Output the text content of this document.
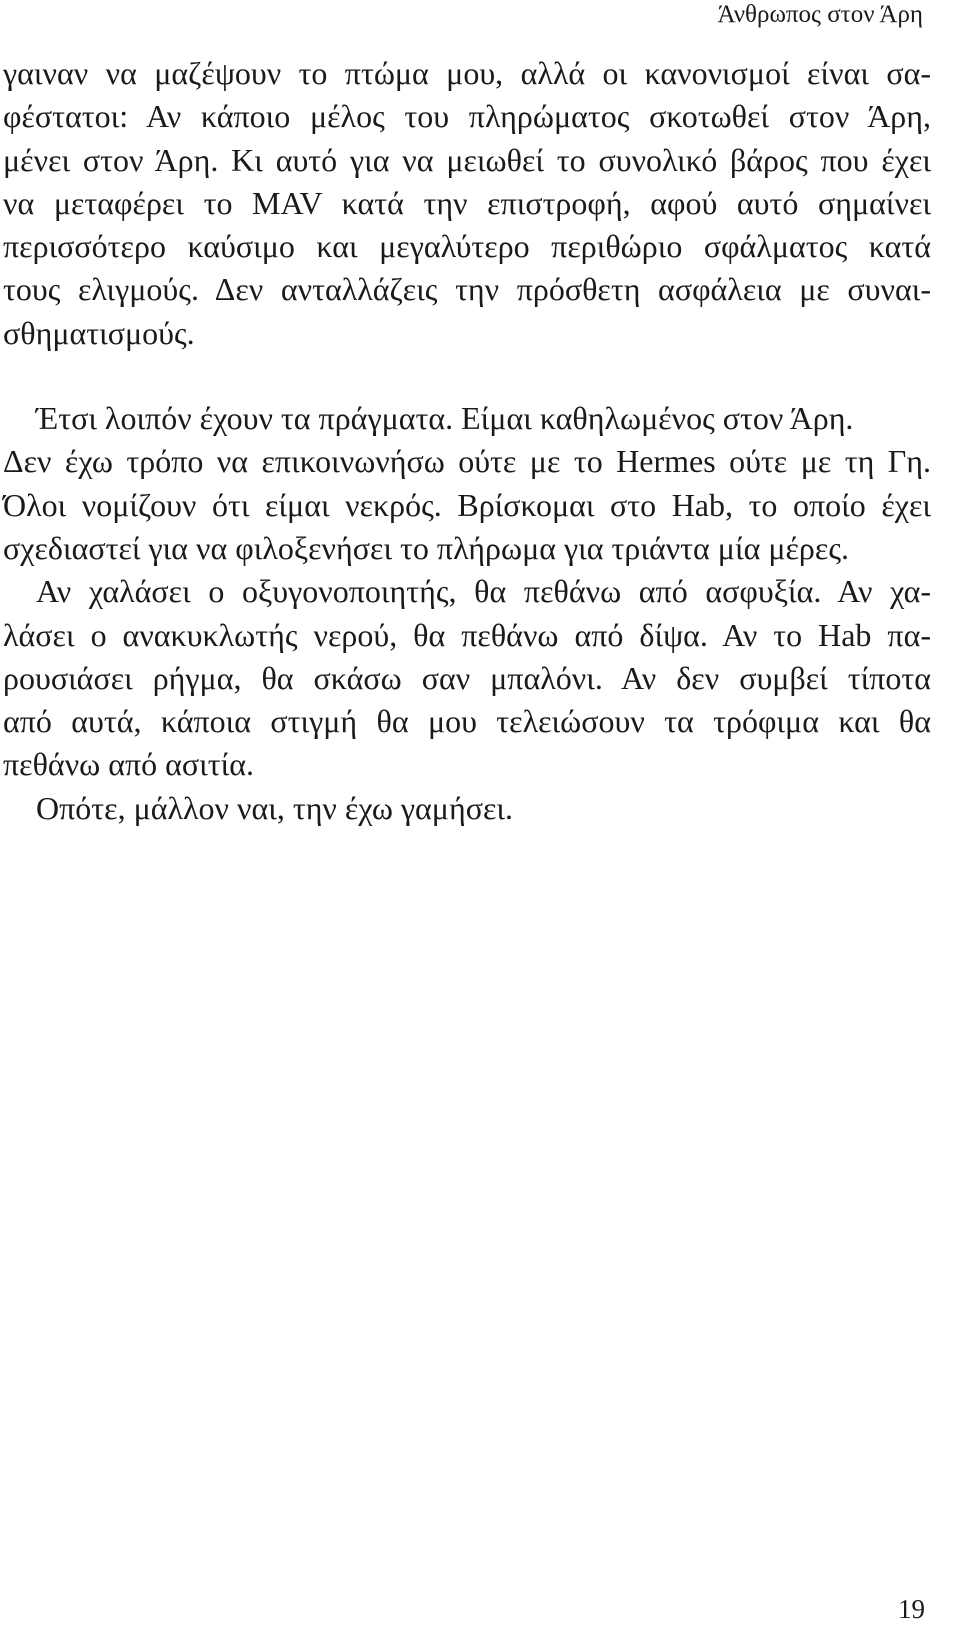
Άνθρωπος στον Άρη
γαιναν να μαζέψουν το πτώμα μου, αλλά οι κανονισμοί είναι σα-
φέστατοι: Αν κάποιο μέλος του πληρώματος σκοτωθεί στον Άρη,
μένει στον Άρη. Κι αυτό για να μειωθεί το συνολικό βάρος που έχει
να μεταφέρει το MAV κατά την επιστροφή, αφού αυτό σημαίνει
περισσότερο καύσιμο και μεγαλύτερο περιθώριο σφάλματος κατά
τους ελιγμούς. Δεν ανταλλάζεις την πρόσθετη ασφάλεια με συναι-
σθηματισμούς.
Έτσι λοιπόν έχουν τα πράγματα. Είμαι καθηλωμένος στον Άρη.
Δεν έχω τρόπο να επικοινωνήσω ούτε με το Hermes ούτε με τη Γη.
Όλοι νομίζουν ότι είμαι νεκρός. Βρίσκομαι στο Hab, το οποίο έχει
σχεδιαστεί για να φιλοξενήσει το πλήρωμα για τριάντα μία μέρες.
Αν χαλάσει ο οξυγονοποιητής, θα πεθάνω από ασφυξία. Αν χα-
λάσει ο ανακυκλωτής νερού, θα πεθάνω από δίψα. Αν το Hab πα-
ρουσιάσει ρήγμα, θα σκάσω σαν μπαλόνι. Αν δεν συμβεί τίποτα
από αυτά, κάποια στιγμή θα μου τελειώσουν τα τρόφιμα και θα
πεθάνω από ασιτία.
Οπότε, μάλλον ναι, την έχω γαμήσει.
19
